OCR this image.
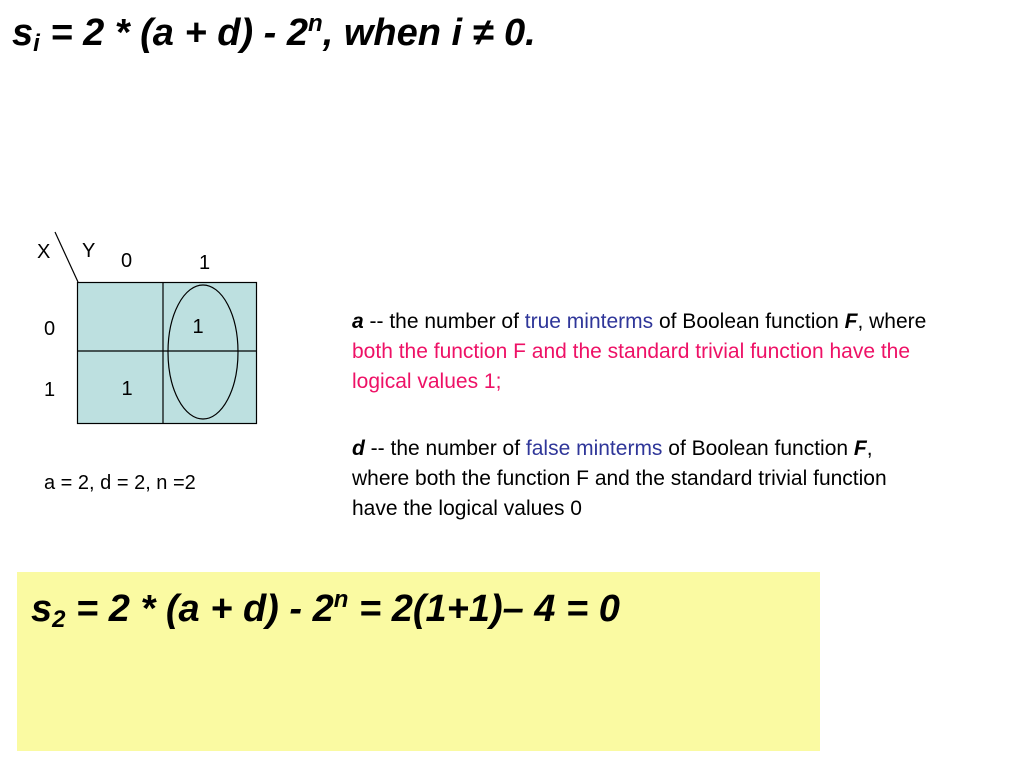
$s_i = 2 * (a + d) - 2^n$, when i ≠ 0.
X Y 0	1
0
1
1
1
a = 2, d = 2, n =2
a -- the number of true minterms of Boolean function F, where both the function F and the standard trivial function have the logical values 1;
d -- the number of false minterms of Boolean function F, where both the function F and the standard trivial function have the logical values 0
$s_2 = 2 * (a + d) - 2^n = 2(1+1)-$ 4 = 0
